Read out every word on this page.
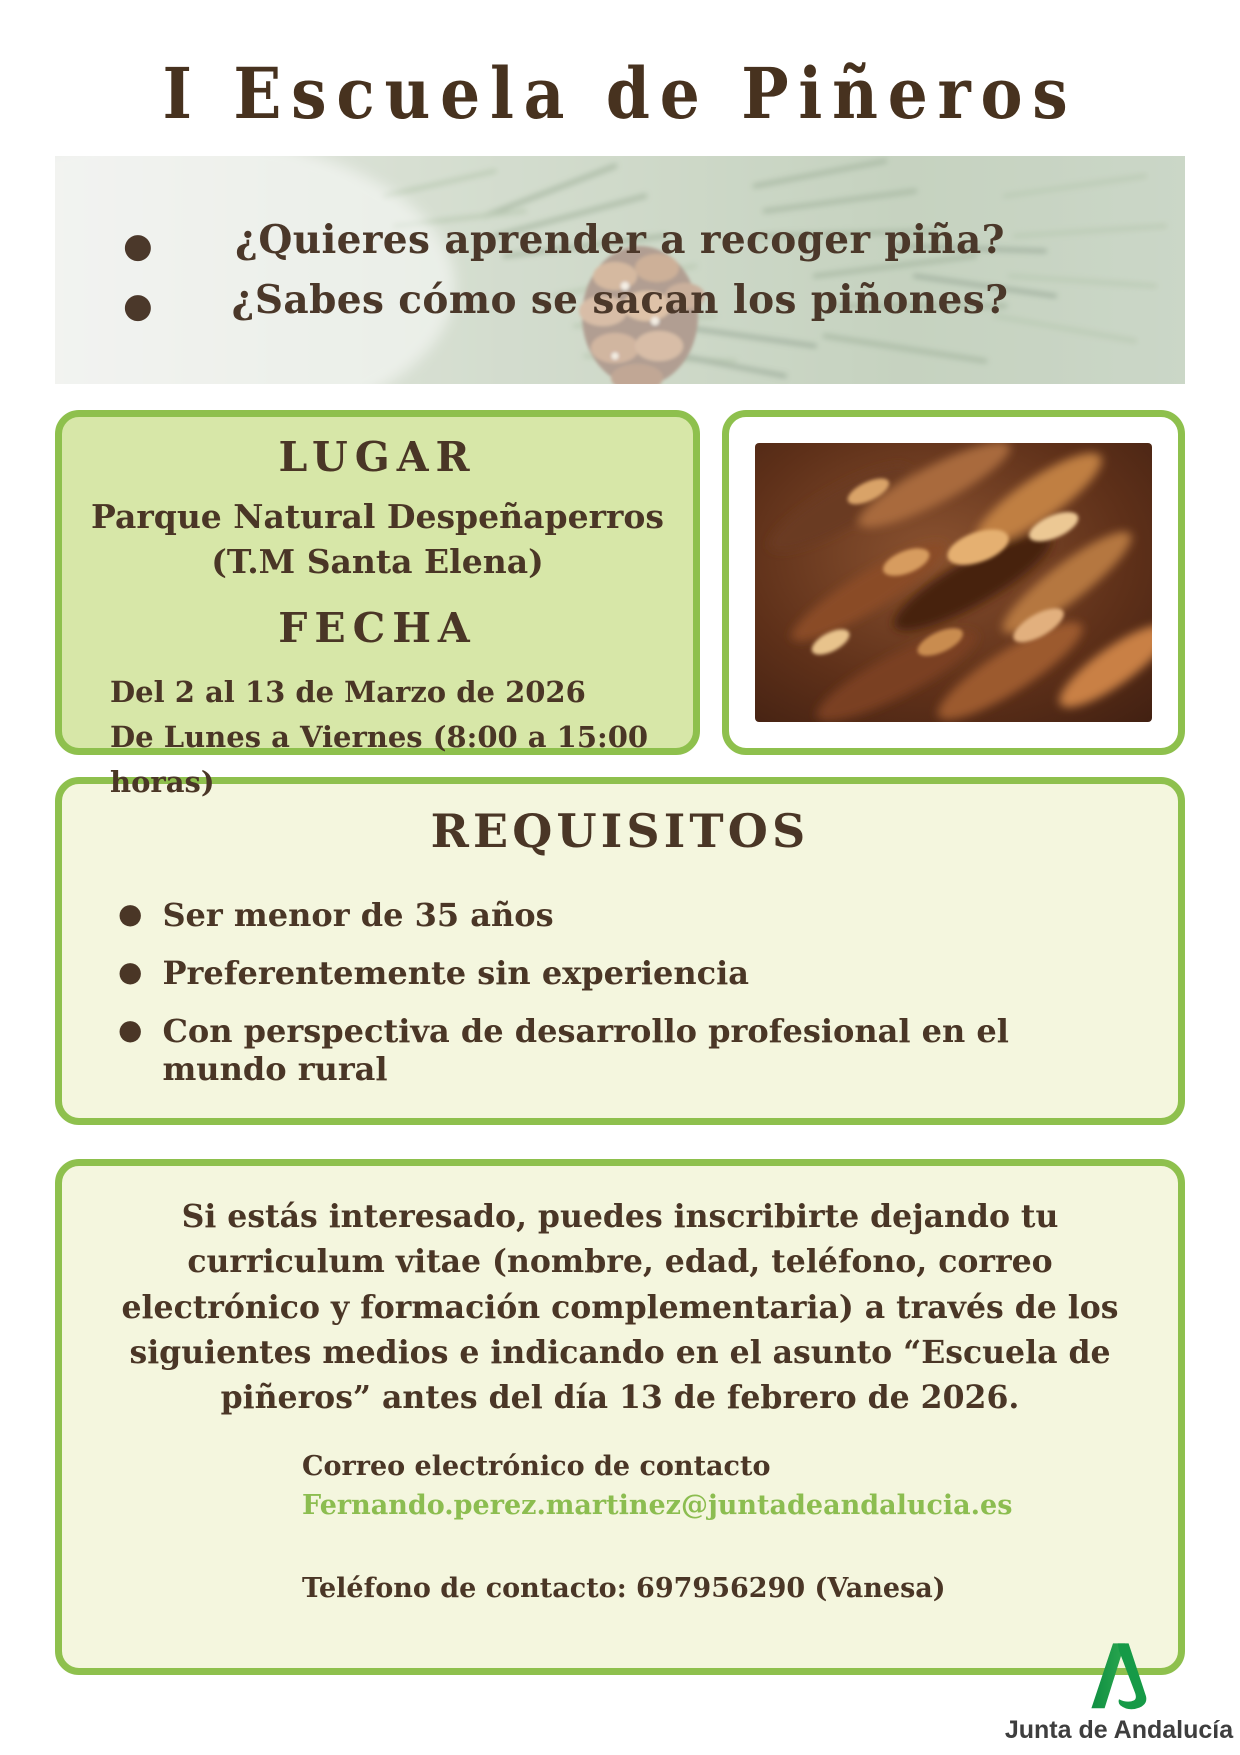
I Escuela de Piñeros
● ¿Quieres aprender a recoger piña?
● ¿Sabes cómo se sacan los piñones?
LUGAR
Parque Natural Despeñaperros
(T.M Santa Elena)
FECHA
Del 2 al 13 de Marzo de 2026
De Lunes a Viernes (8:00 a 15:00 horas)
REQUISITOS
● Ser menor de 35 años
● Preferentemente sin experiencia
● Con perspectiva de desarrollo profesional en el mundo rural
Si estás interesado, puedes inscribirte dejando tu curriculum vitae (nombre, edad, teléfono, correo electrónico y formación complementaria) a través de los siguientes medios e indicando en el asunto “Escuela de piñeros” antes del día 13 de febrero de 2026.
Correo electrónico de contacto
Fernando.perez.martinez@juntadeandalucia.es
Teléfono de contacto: 697956290 (Vanesa)
Junta de Andalucía
